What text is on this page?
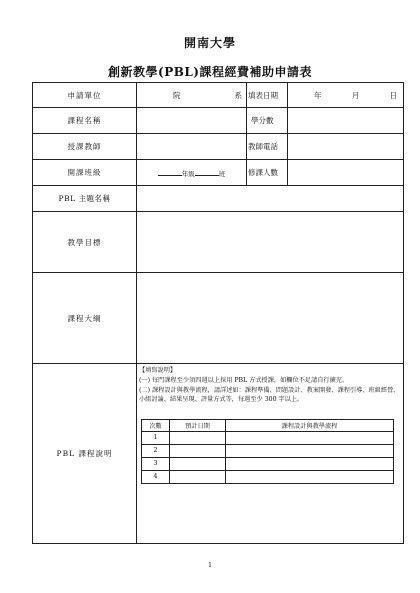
開南大學
創新教學(PBL)課程經費補助申請表
申請單位	院	系	填表日期	年	月	日

課程名稱		學分數	
授課教師		教師電話	
開課班級	年級	班	修課人數	
PBL 主題名稱	
教學目標	
課程大綱	
PBL 課程說明	

【填寫說明】

(一) 每門課程至少須四週以上採用 PBL 方式授課，如欄位不足請自行擴充。

(二) 課程設計與教學流程，請詳述如：課程準備、問題設計、教案開發、課程引導、班級經營、小組討論、結果呈現、評量方式等，每週至少 300 字以上。

次數	預計日期	課程設計與教學流程
1		
2		
3		
4		
1
